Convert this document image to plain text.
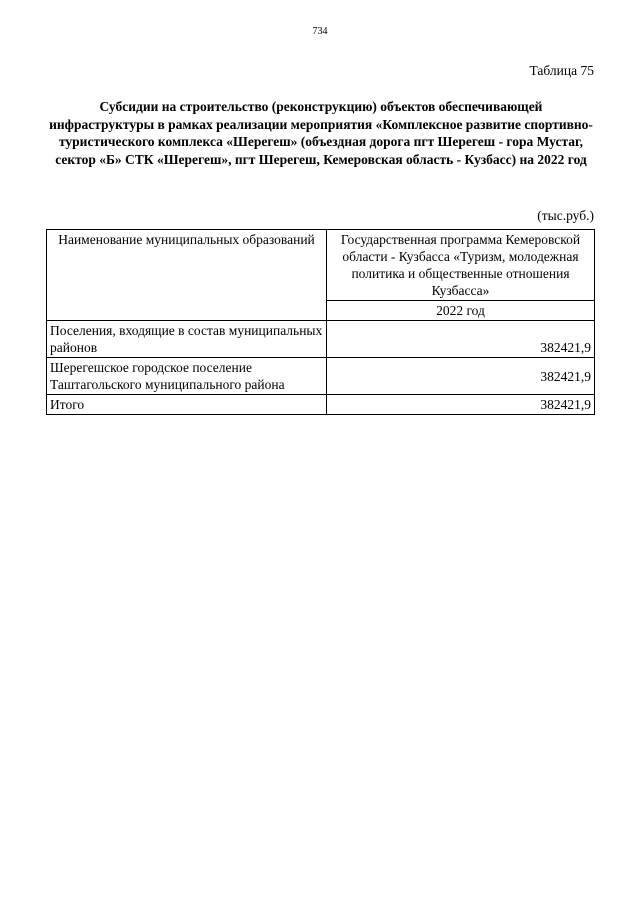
734
Таблица 75
Субсидии на строительство (реконструкцию) объектов обеспечивающей инфраструктуры в рамках реализации мероприятия «Комплексное развитие спортивно-туристического комплекса «Шерегеш» (объездная дорога пгт Шерегеш - гора Мустаг, сектор «Б» СТК «Шерегеш», пгт Шерегеш, Кемеровская область - Кузбасс) на 2022 год
(тыс.руб.)
Наименование муниципальных образований	Государственная программа Кемеровской области - Кузбасса «Туризм, молодежная политика и общественные отношения Кузбасса»
	2022 год
Поселения, входящие в состав муниципальных районов	382421,9
Шерегешское городское поселение Таштагольского муниципального района	382421,9
Итого	382421,9
